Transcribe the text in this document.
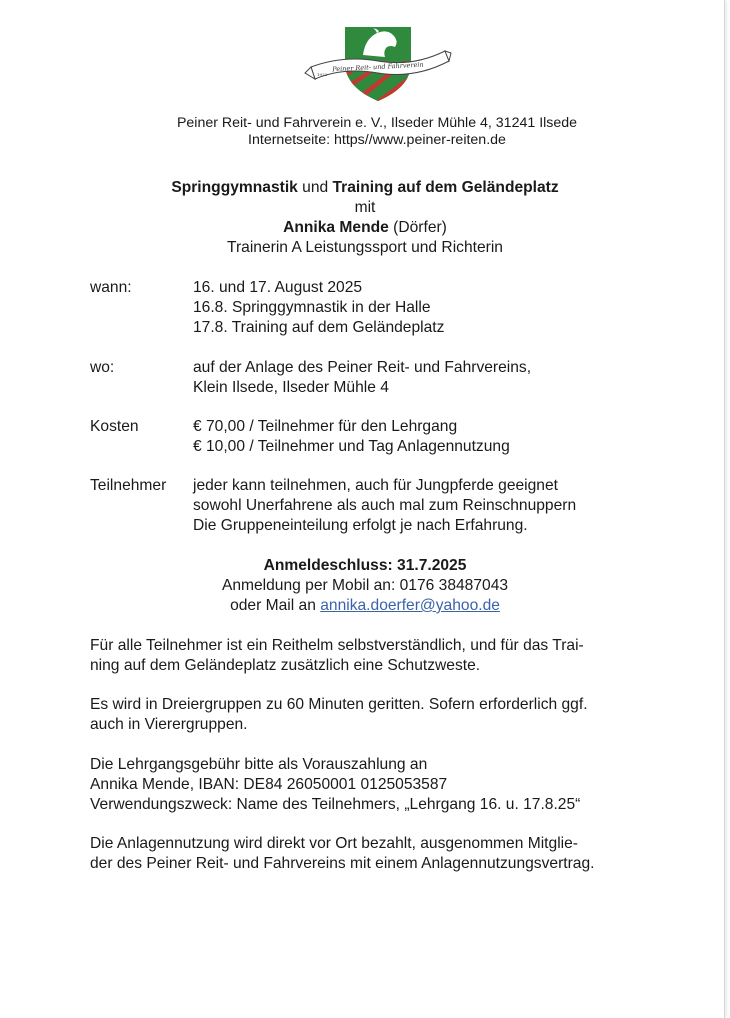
Peiner Reit- und Fahrverein
1922
Peiner Reit- und Fahrverein e. V., Ilseder Mühle 4, 31241 Ilsede
Internetseite: https//www.peiner-reiten.de
Springgymnastik und Training auf dem Geländeplatz
mit
Annika Mende (Dörfer)
Trainerin A Leistungssport und Richterin
wann:	16. und 17. August 2025
16.8. Springgymnastik in der Halle
17.8. Training auf dem Geländeplatz
wo:	auf der Anlage des Peiner Reit- und Fahrvereins,
Klein Ilsede, Ilseder Mühle 4
Kosten	€ 70,00 / Teilnehmer für den Lehrgang
€ 10,00 / Teilnehmer und Tag Anlagennutzung
Teilnehmer jeder kann teilnehmen, auch für Jungpferde geeignet
sowohl Unerfahrene als auch mal zum Reinschnuppern
Die Gruppeneinteilung erfolgt je nach Erfahrung.
Anmeldeschluss: 31.7.2025
Anmeldung per Mobil an: 0176 38487043
oder Mail an annika.doerfer@yahoo.de
Für alle Teilnehmer ist ein Reithelm selbstverständlich, und für das Trai-
ning auf dem Geländeplatz zusätzlich eine Schutzweste.
Es wird in Dreiergruppen zu 60 Minuten geritten. Sofern erforderlich ggf.
auch in Vierergruppen.
Die Lehrgangsgebühr bitte als Vorauszahlung an
Annika Mende, IBAN: DE84 26050001 0125053587
Verwendungszweck: Name des Teilnehmers, „Lehrgang 16. u. 17.8.25“
Die Anlagennutzung wird direkt vor Ort bezahlt, ausgenommen Mitglie-
der des Peiner Reit- und Fahrvereins mit einem Anlagennutzungsvertrag.
